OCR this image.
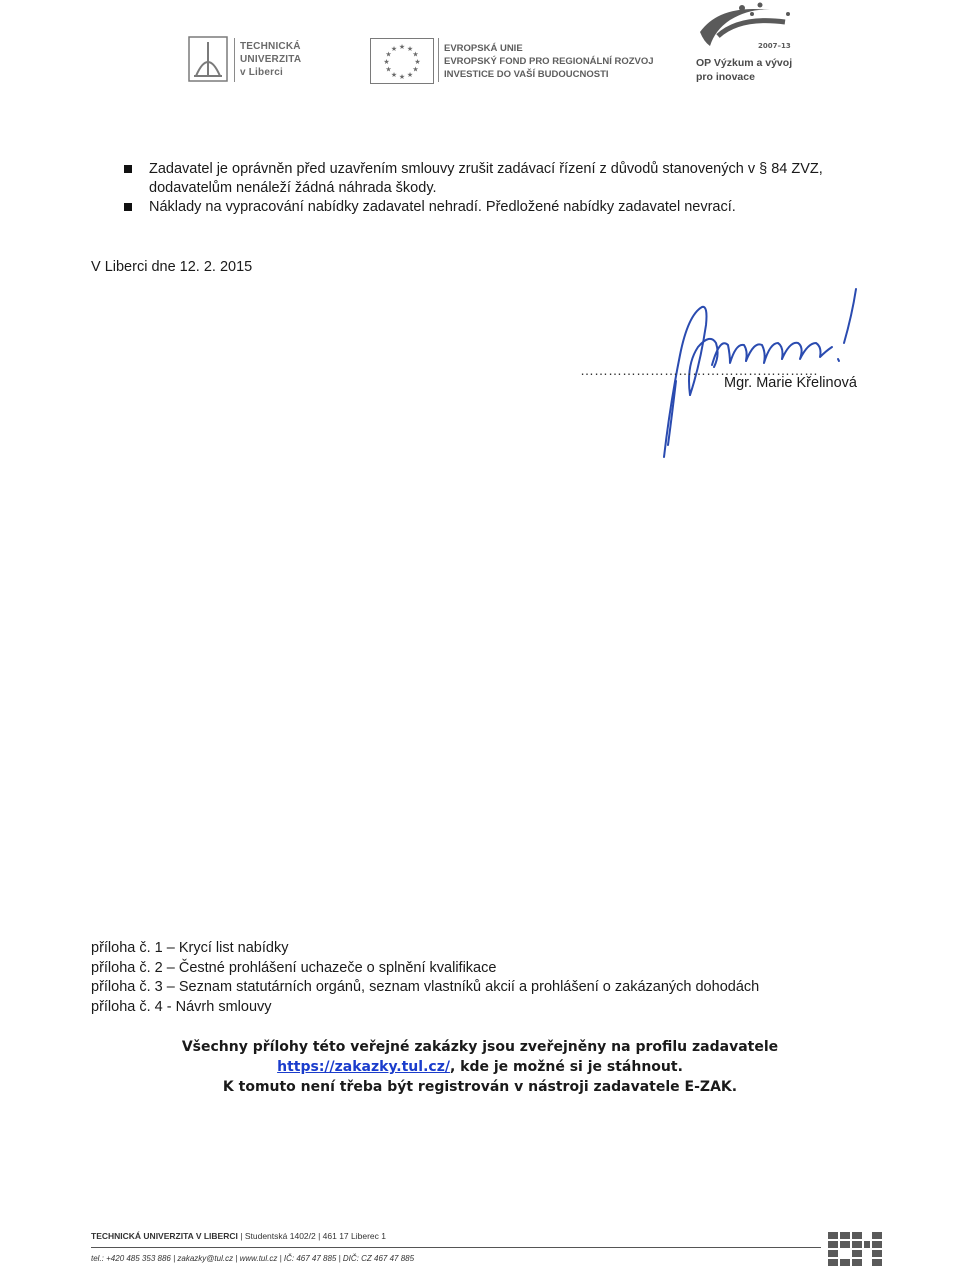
TECHNICKÁ
UNIVERZITA
v Liberci
★ ★
★
★
★
★
★
★
★
★
★
★	EVROPSKÁ UNIE
EVROPSKÝ FOND PRO REGIONÁLNÍ ROZVOJ
INVESTICE DO VAŠÍ BUDOUCNOSTI
2007–13
OP Výzkum a vývoj
pro inovace
Zadavatel je oprávněn před uzavřením smlouvy zrušit zadávací řízení z důvodů stanovených v § 84 ZVZ, dodavatelům nenáleží žádná náhrada škody.
Náklady na vypracování nabídky zadavatel nehradí. Předložené nabídky zadavatel nevrací.
V Liberci dne 12. 2. 2015
……………………………………………
Mgr. Marie Křelinová
příloha č. 1 – Krycí list nabídky
příloha č. 2 – Čestné prohlášení uchazeče o splnění kvalifikace
příloha č. 3 – Seznam statutárních orgánů, seznam vlastníků akcií a prohlášení o zakázaných dohodách
příloha č. 4 - Návrh smlouvy
Všechny přílohy této veřejné zakázky jsou zveřejněny na profilu zadavatele
https://zakazky.tul.cz/, kde je možné si je stáhnout.
K tomuto není třeba být registrován v nástroji zadavatele E-ZAK.
TECHNICKÁ UNIVERZITA V LIBERCI | Studentská 1402/2 | 461 17 Liberec 1
tel.: +420 485 353 886 | zakazky@tul.cz | www.tul.cz | IČ: 467 47 885 | DIČ: CZ 467 47 885
